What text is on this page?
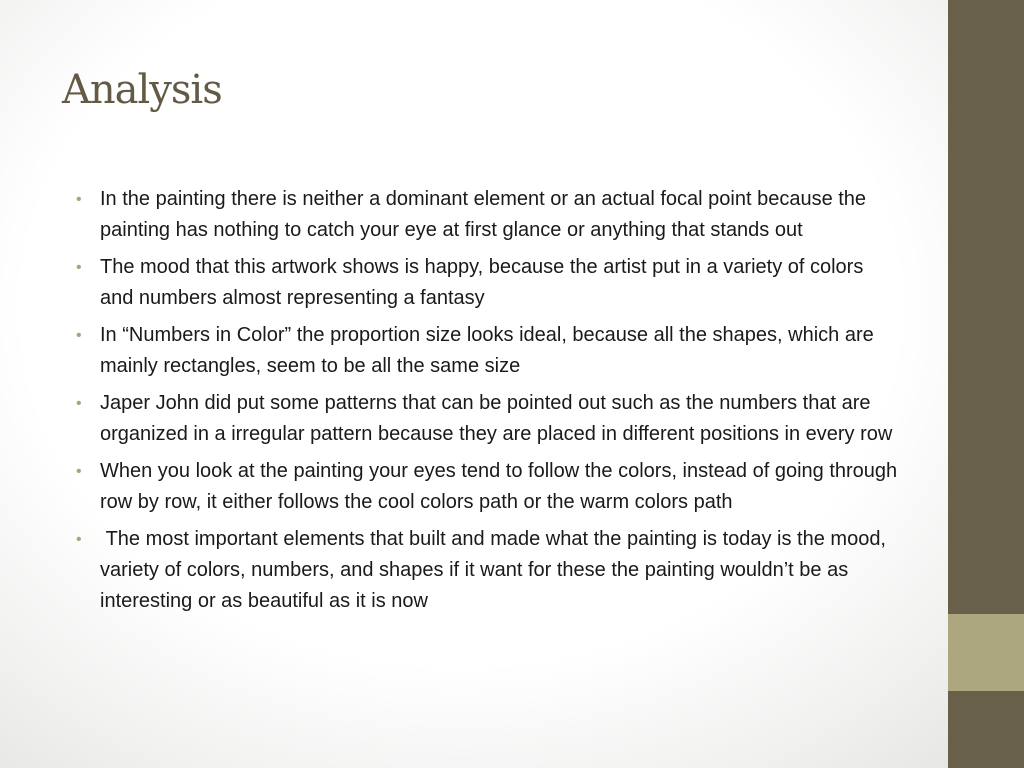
Analysis
• In the painting there is neither a dominant element or an actual focal point because the painting has nothing to catch your eye at first glance or anything that stands out
• The mood that this artwork shows is happy, because the artist put in a variety of colors and numbers almost representing a fantasy
• In “Numbers in Color” the proportion size looks ideal, because all the shapes, which are mainly rectangles, seem to be all the same size
• Japer John did put some patterns that can be pointed out such as the numbers that are organized in a irregular pattern because they are placed in different positions in every row
• When you look at the painting your eyes tend to follow the colors, instead of going through row by row, it either follows the cool colors path or the warm colors path
• The most important elements that built and made what the painting is today is the mood, variety of colors, numbers, and shapes if it want for these the painting wouldn’t be as interesting or as beautiful as it is now
